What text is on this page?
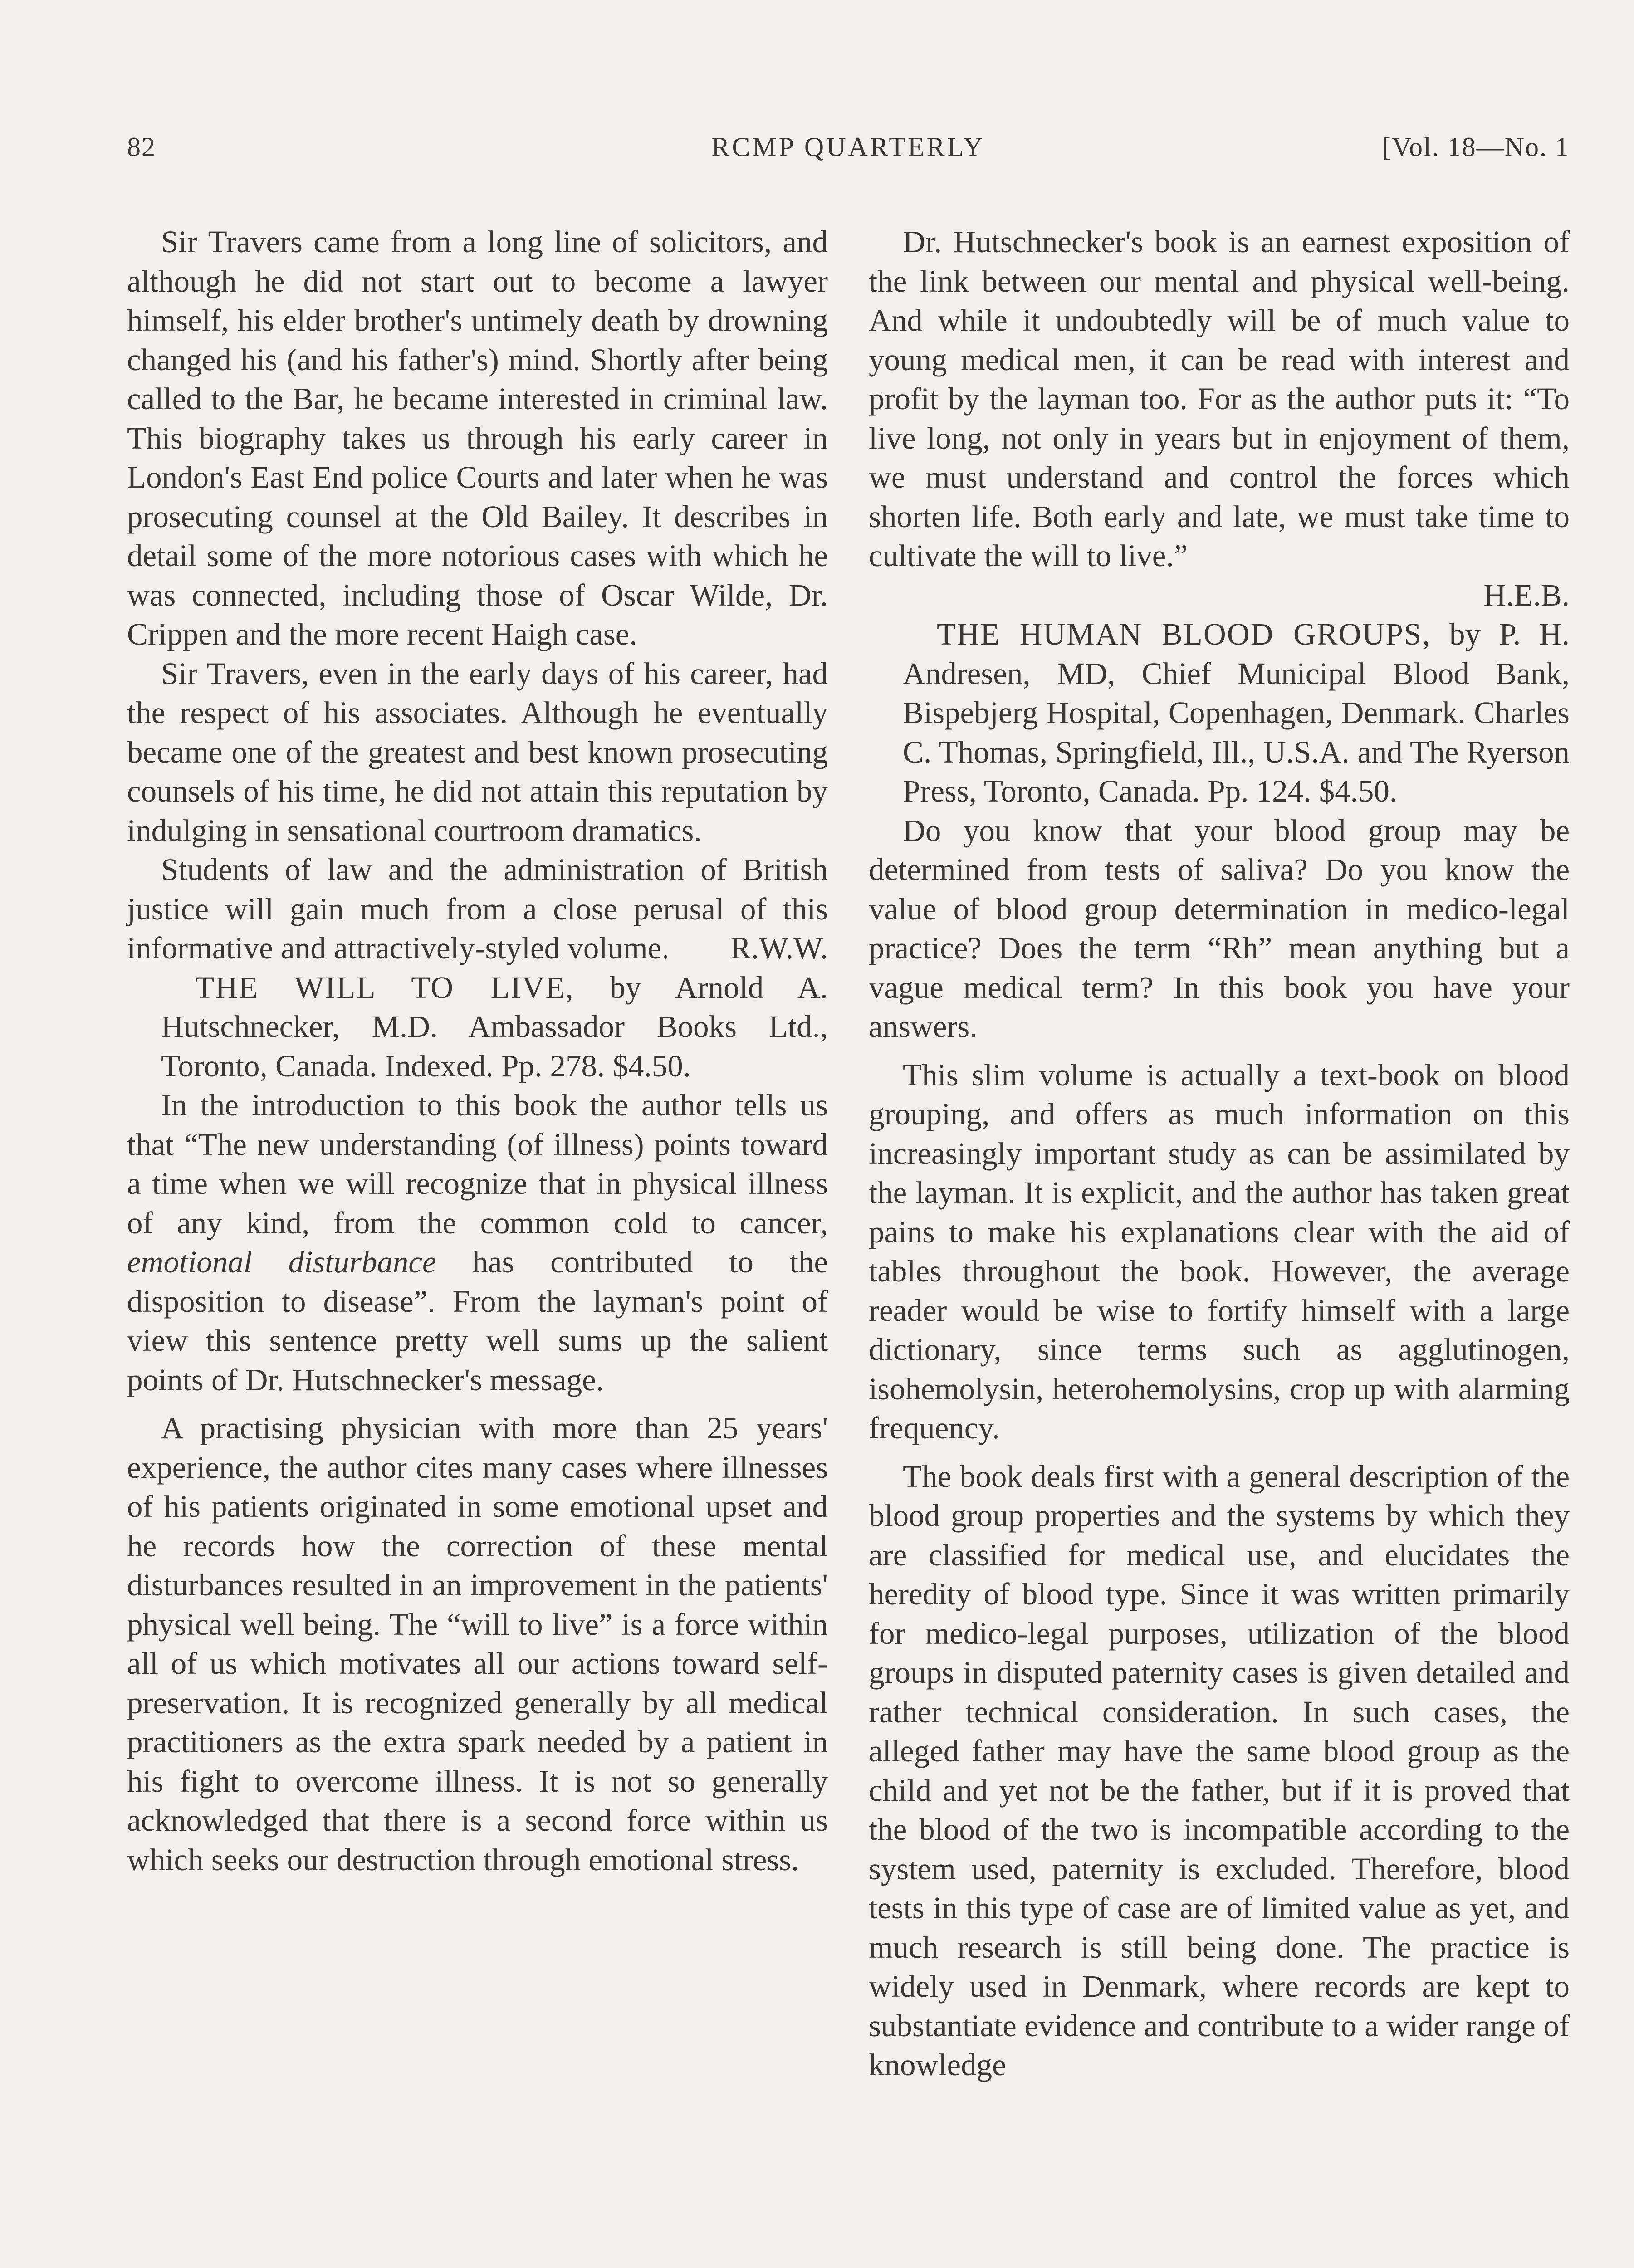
82	RCMP QUARTERLY	[Vol. 18—No. 1

Sir Travers came from a long line of solicitors, and although he did not start out to become a lawyer himself, his elder brother's untimely death by drowning changed his (and his father's) mind. Shortly after being called to the Bar, he became interested in criminal law. This biography takes us through his early career in London's East End police Courts and later when he was prosecuting counsel at the Old Bailey. It describes in detail some of the more notorious cases with which he was connected, including those of Oscar Wilde, Dr. Crippen and the more recent Haigh case.

Sir Travers, even in the early days of his career, had the respect of his associates. Although he eventually became one of the greatest and best known prosecuting counsels of his time, he did not attain this reputation by indulging in sensational courtroom dramatics.

Students of law and the administration of British justice will gain much from a close perusal of this informative and attractively-styled volume.	R.W.W.

THE WILL TO LIVE, by Arnold A. Hutschnecker, M.D. Ambassador Books Ltd., Toronto, Canada. Indexed. Pp. 278. $4.50.

In the introduction to this book the author tells us that “The new understanding (of illness) points toward a time when we will recognize that in physical illness of any kind, from the common cold to cancer, emotional disturbance has contributed to the disposition to disease”. From the layman's point of view this sentence pretty well sums up the salient points of Dr. Hutschnecker's message.

A practising physician with more than 25 years' experience, the author cites many cases where illnesses of his patients originated in some emotional upset and he records how the correction of these mental disturbances resulted in an improvement in the patients' physical well being. The “will to live” is a force within all of us which motivates all our actions toward self-preservation. It is recognized generally by all medical practitioners as the extra spark needed by a patient in his fight to overcome illness. It is not so generally acknowledged that there is a second force within us which seeks our destruction through emotional stress.

Dr. Hutschnecker's book is an earnest exposition of the link between our mental and physical well-being. And while it undoubtedly will be of much value to young medical men, it can be read with interest and profit by the layman too. For as the author puts it: “To live long, not only in years but in enjoyment of them, we must understand and control the forces which shorten life. Both early and late, we must take time to cultivate the will to live.”

H.E.B.

THE HUMAN BLOOD GROUPS, by P. H. Andresen, MD, Chief Municipal Blood Bank, Bispebjerg Hospital, Copenhagen, Denmark. Charles C. Thomas, Springfield, Ill., U.S.A. and The Ryerson Press, Toronto, Canada. Pp. 124. $4.50.

Do you know that your blood group may be determined from tests of saliva? Do you know the value of blood group determination in medico-legal practice? Does the term “Rh” mean anything but a vague medical term? In this book you have your answers.

This slim volume is actually a text-book on blood grouping, and offers as much information on this increasingly important study as can be assimilated by the layman. It is explicit, and the author has taken great pains to make his explanations clear with the aid of tables throughout the book. However, the average reader would be wise to fortify himself with a large dictionary, since terms such as agglutinogen, isohemolysin, heterohemolysins, crop up with alarming frequency.

The book deals first with a general description of the blood group properties and the systems by which they are classified for medical use, and elucidates the heredity of blood type. Since it was written primarily for medico-legal purposes, utilization of the blood groups in disputed paternity cases is given detailed and rather technical consideration. In such cases, the alleged father may have the same blood group as the child and yet not be the father, but if it is proved that the blood of the two is incompatible according to the system used, paternity is excluded. Therefore, blood tests in this type of case are of limited value as yet, and much research is still being done. The practice is widely used in Denmark, where records are kept to substantiate evidence and contribute to a wider range of knowledge
